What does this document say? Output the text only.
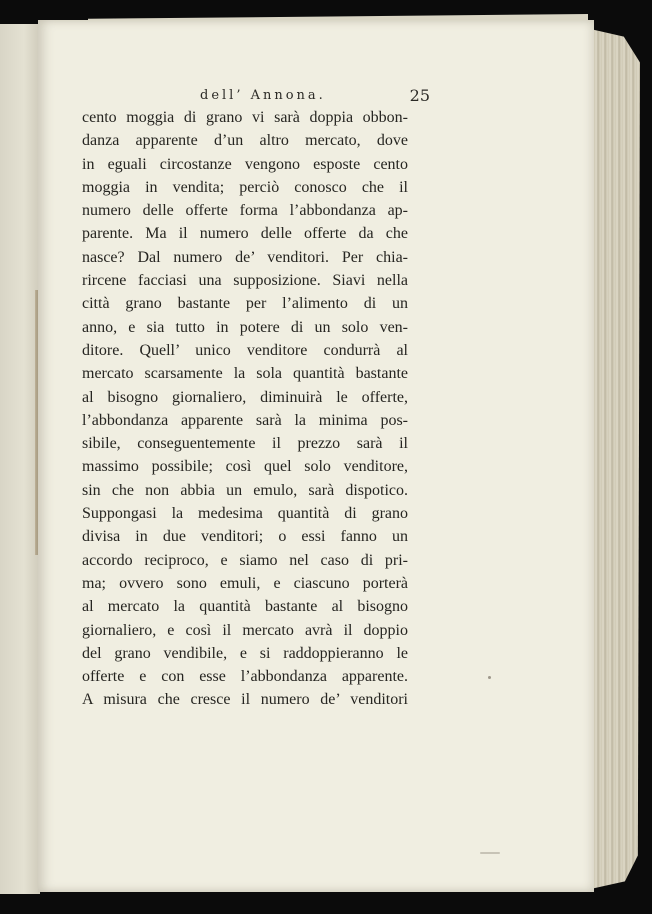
dell’ Annona.	25
cento moggia di grano vi sarà doppia obbon-
danza apparente d’un altro mercato, dove
in eguali circostanze vengono esposte cento
moggia in vendita; perciò conosco che il
numero delle offerte forma l’abbondanza ap-
parente. Ma il numero delle offerte da che
nasce? Dal numero de’ venditori. Per chia-
rircene facciasi una supposizione. Siavi nella
città grano bastante per l’alimento di un
anno, e sia tutto in potere di un solo ven-
ditore. Quell’ unico venditore condurrà al
mercato scarsamente la sola quantità bastante
al bisogno giornaliero, diminuirà le offerte,
l’abbondanza apparente sarà la minima pos-
sibile, conseguentemente il prezzo sarà il
massimo possibile; così quel solo venditore,
sin che non abbia un emulo, sarà dispotico.
Suppongasi la medesima quantità di grano
divisa in due venditori; o essi fanno un
accordo reciproco, e siamo nel caso di pri-
ma; ovvero sono emuli, e ciascuno porterà
al mercato la quantità bastante al bisogno
giornaliero, e così il mercato avrà il doppio
del grano vendibile, e si raddoppieranno le
offerte e con esse l’abbondanza apparente.
A misura che cresce il numero de’ venditori
